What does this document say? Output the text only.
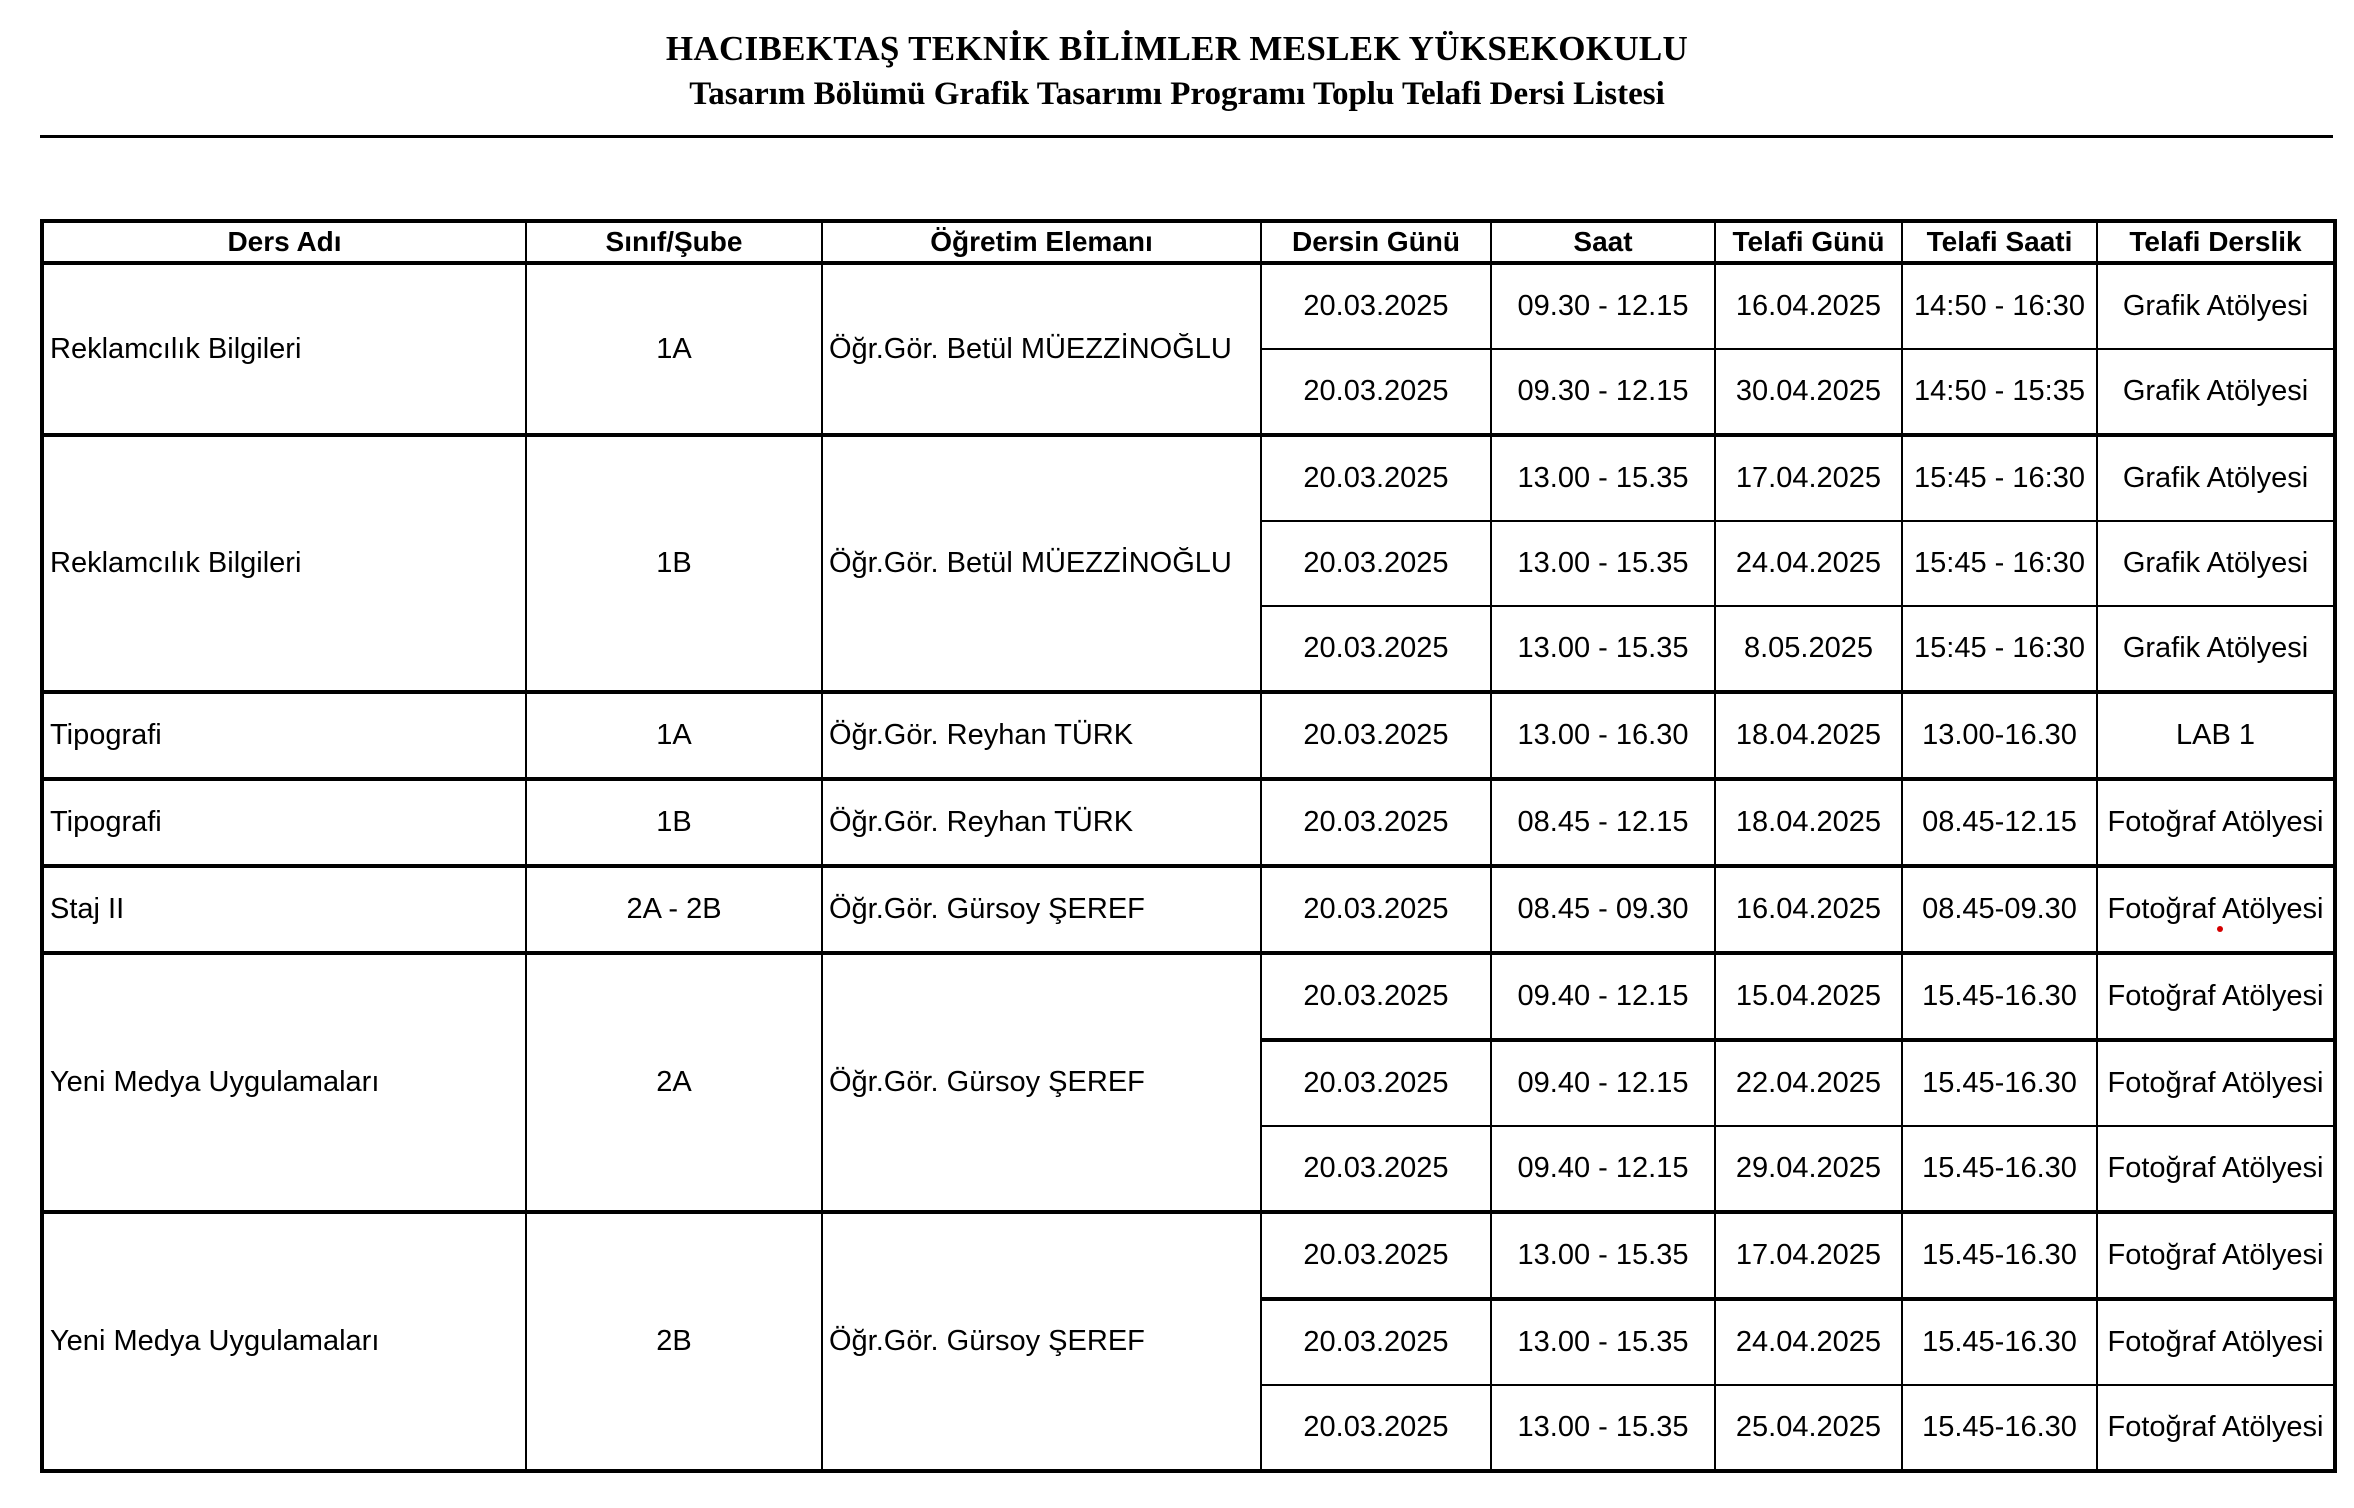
HACIBEKTAŞ TEKNİK BİLİMLER MESLEK YÜKSEKOKULU
Tasarım Bölümü Grafik Tasarımı Programı Toplu Telafi Dersi Listesi
Ders Adı	Sınıf/Şube	Öğretim Elemanı	Dersin Günü	Saat	Telafi Günü	Telafi Saati	Telafi Derslik
Reklamcılık Bilgileri	1A	Öğr.Gör. Betül MÜEZZİNOĞLU	20.03.2025	09.30 - 12.15	16.04.2025	14:50 - 16:30	Grafik Atölyesi
			20.03.2025	09.30 - 12.15	30.04.2025	14:50 - 15:35	Grafik Atölyesi
Reklamcılık Bilgileri	1B	Öğr.Gör. Betül MÜEZZİNOĞLU	20.03.2025	13.00 - 15.35	17.04.2025	15:45 - 16:30	Grafik Atölyesi
			20.03.2025	13.00 - 15.35	24.04.2025	15:45 - 16:30	Grafik Atölyesi
			20.03.2025	13.00 - 15.35	8.05.2025	15:45 - 16:30	Grafik Atölyesi
Tipografi	1A	Öğr.Gör. Reyhan TÜRK	20.03.2025	13.00 - 16.30	18.04.2025	13.00-16.30	LAB 1
Tipografi	1B	Öğr.Gör. Reyhan TÜRK	20.03.2025	08.45 - 12.15	18.04.2025	08.45-12.15	Fotoğraf Atölyesi
Staj II	2A - 2B	Öğr.Gör. Gürsoy ŞEREF	20.03.2025	08.45 - 09.30	16.04.2025	08.45-09.30	Fotoğraf Atölyesi
Yeni Medya Uygulamaları	2A	Öğr.Gör. Gürsoy ŞEREF	20.03.2025	09.40 - 12.15	15.04.2025	15.45-16.30	Fotoğraf Atölyesi
			20.03.2025	09.40 - 12.15	22.04.2025	15.45-16.30	Fotoğraf Atölyesi
			20.03.2025	09.40 - 12.15	29.04.2025	15.45-16.30	Fotoğraf Atölyesi
Yeni Medya Uygulamaları	2B	Öğr.Gör. Gürsoy ŞEREF	20.03.2025	13.00 - 15.35	17.04.2025	15.45-16.30	Fotoğraf Atölyesi
			20.03.2025	13.00 - 15.35	24.04.2025	15.45-16.30	Fotoğraf Atölyesi
			20.03.2025	13.00 - 15.35	25.04.2025	15.45-16.30	Fotoğraf Atölyesi
